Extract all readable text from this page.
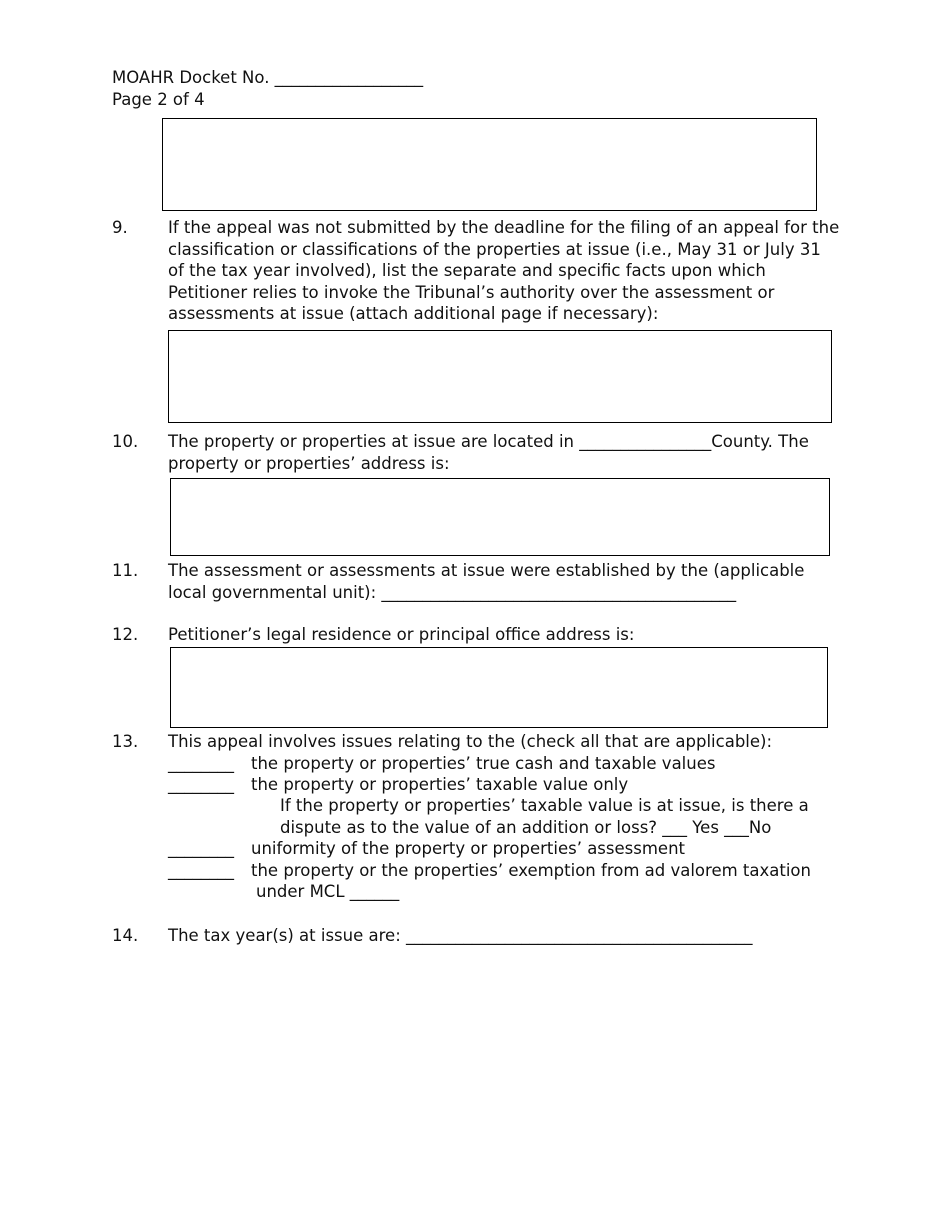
MOAHR Docket No. __________________
Page 2 of 4
9. If the appeal was not submitted by the deadline for the filing of an appeal for the
classification or classifications of the properties at issue (i.e., May 31 or July 31
of the tax year involved), list the separate and specific facts upon which
Petitioner relies to invoke the Tribunal’s authority over the assessment or
assessments at issue (attach additional page if necessary):
10. The property or properties at issue are located in ________________County. The
property or properties’ address is:
11. The assessment or assessments at issue were established by the (applicable
local governmental unit): ___________________________________________
12. Petitioner’s legal residence or principal office address is:
13. This appeal involves issues relating to the (check all that are applicable):
________ the property or properties’ true cash and taxable values
________ the property or properties’ taxable value only
If the property or properties’ taxable value is at issue, is there a
dispute as to the value of an addition or loss? ___ Yes ___No
________ uniformity of the property or properties’ assessment
________ the property or the properties’ exemption from ad valorem taxation
under MCL ______
14. The tax year(s) at issue are: __________________________________________
